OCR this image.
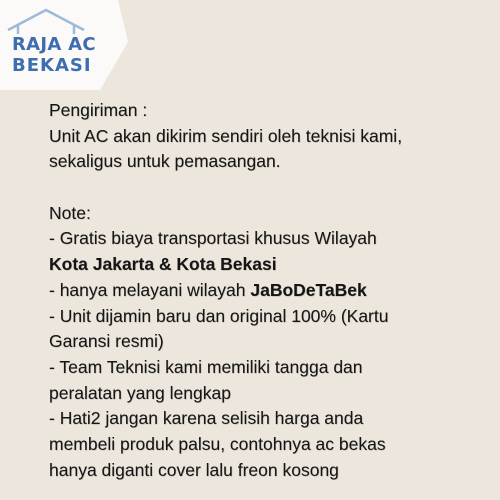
RAJA AC
BEKASI
Pengiriman :
Unit AC akan dikirim sendiri oleh teknisi kami,
sekaligus untuk pemasangan.
Note:
- Gratis biaya transportasi khusus Wilayah
Kota Jakarta & Kota Bekasi
- hanya melayani wilayah JaBoDeTaBek
- Unit dijamin baru dan original 100% (Kartu
Garansi resmi)
- Team Teknisi kami memiliki tangga dan
peralatan yang lengkap
- Hati2 jangan karena selisih harga anda
membeli produk palsu, contohnya ac bekas
hanya diganti cover lalu freon kosong
